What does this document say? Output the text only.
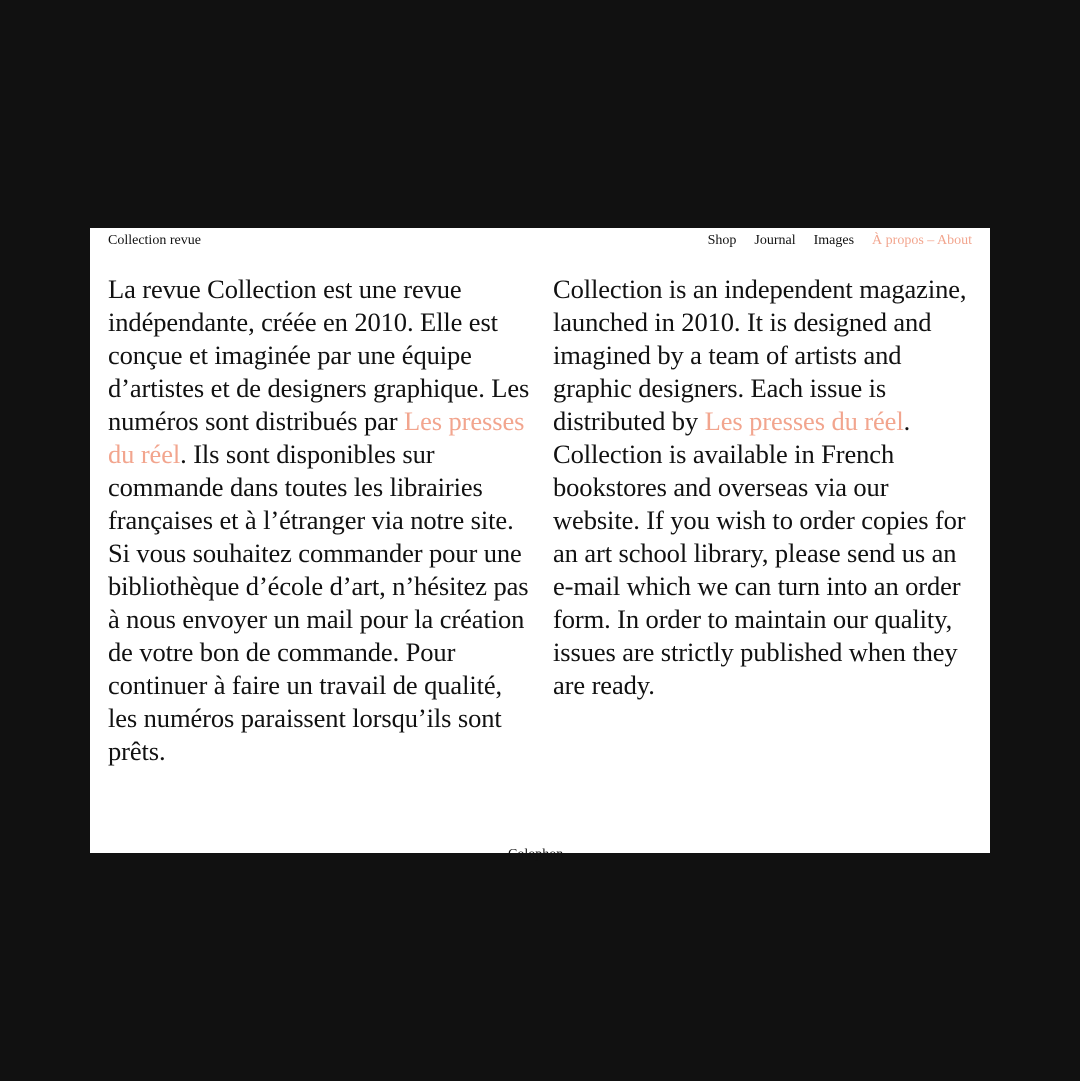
Collection revue	Shop Journal Images À propos – About

La revue Collection est une revue indépendante, créée en 2010. Elle est conçue et imaginée par une équipe d’artistes et de designers graphique. Les numéros sont distribués par Les presses du réel. Ils sont disponibles sur commande dans toutes les librairies françaises et à l’étranger via notre site. Si vous souhaitez commander pour une bibliothèque d’école d’art, n’hésitez pas à nous envoyer un mail pour la création de votre bon de commande. Pour continuer à faire un travail de qualité, les numéros paraissent lorsqu’ils sont prêts.

Collection is an independent magazine, launched in 2010. It is designed and imagined by a team of artists and graphic designers. Each issue is distributed by Les presses du réel. Collection is available in French bookstores and overseas via our website. If you wish to order copies for an art school library, please send us an e-mail which we can turn into an order form. In order to maintain our quality, issues are strictly published when they are ready.

Colophon
